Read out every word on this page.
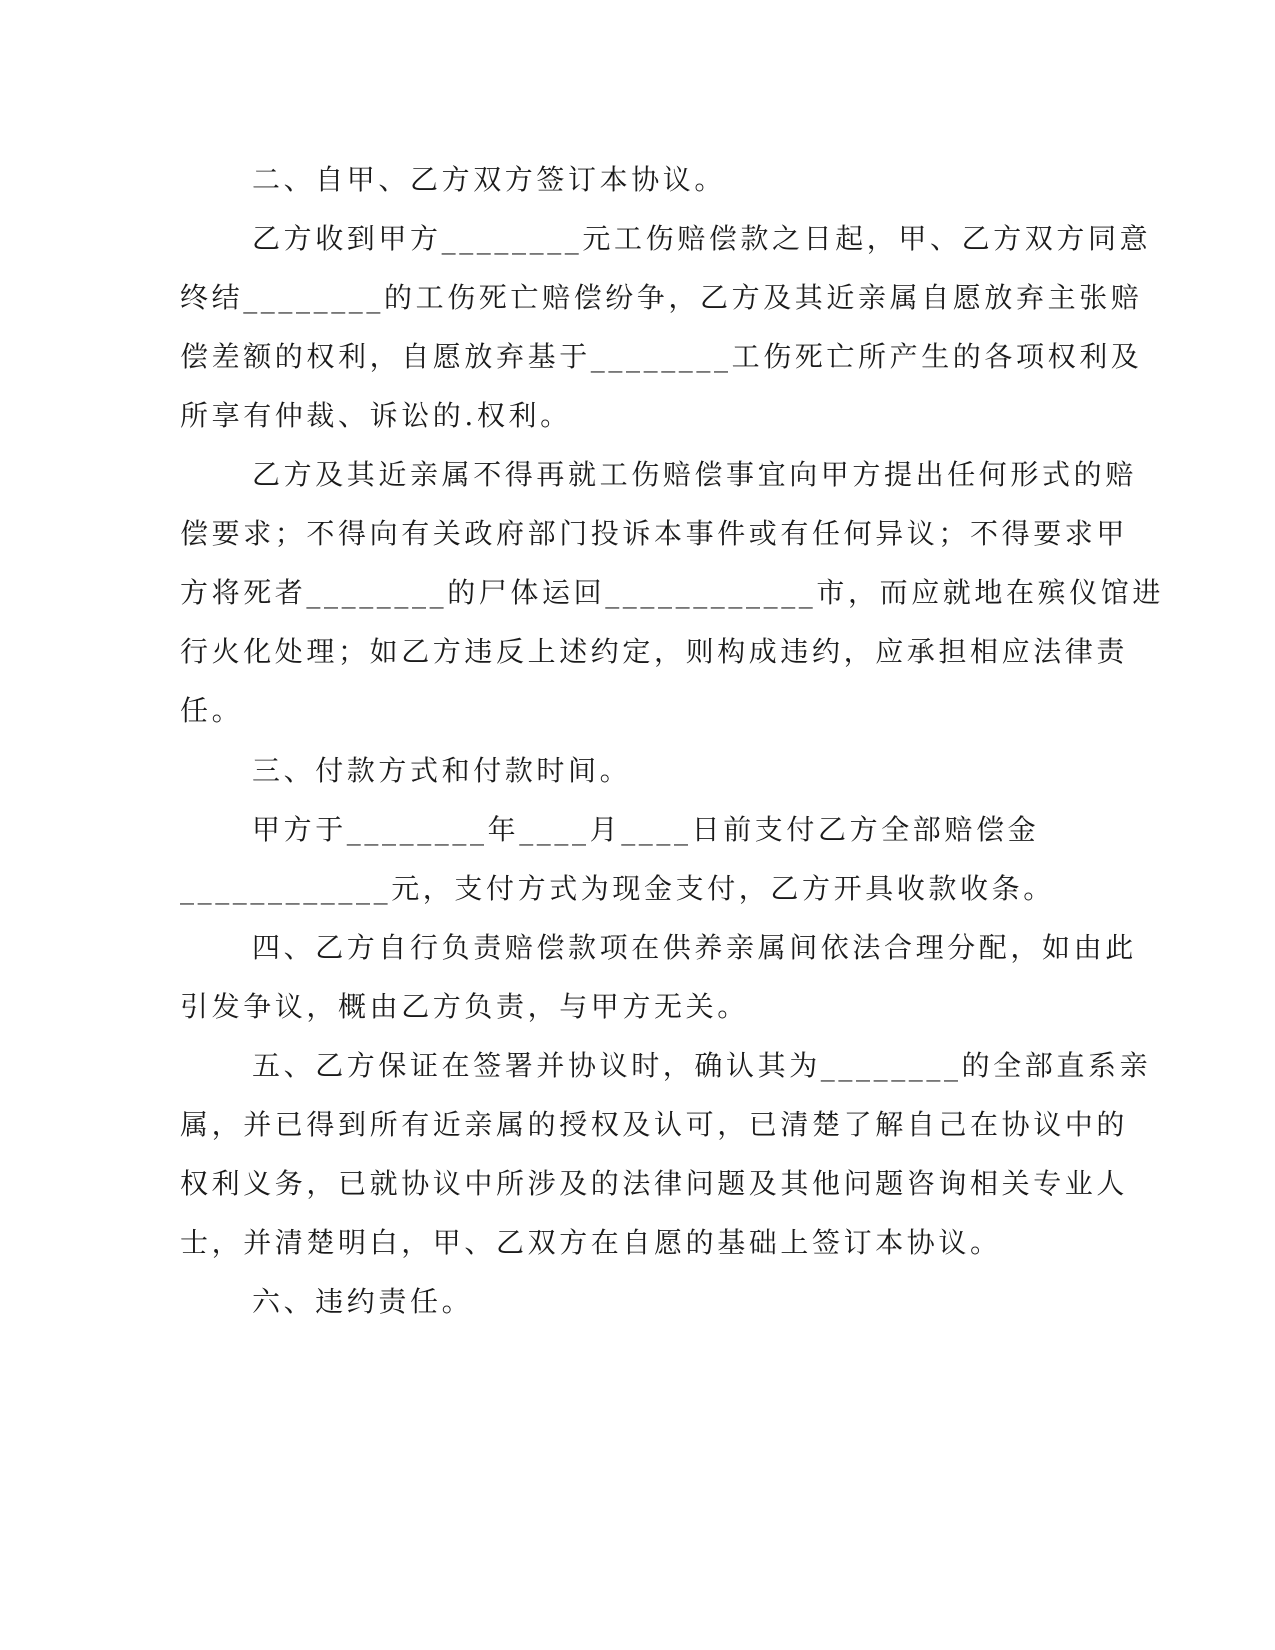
二、自甲、乙方双方签订本协议。
乙方收到甲方________元工伤赔偿款之日起，甲、乙方双方同意
终结________的工伤死亡赔偿纷争，乙方及其近亲属自愿放弃主张赔
偿差额的权利，自愿放弃基于________工伤死亡所产生的各项权利及
所享有仲裁、诉讼的.权利。
乙方及其近亲属不得再就工伤赔偿事宜向甲方提出任何形式的赔
偿要求；不得向有关政府部门投诉本事件或有任何异议；不得要求甲
方将死者________的尸体运回____________市，而应就地在殡仪馆进
行火化处理；如乙方违反上述约定，则构成违约，应承担相应法律责
任。
三、付款方式和付款时间。
甲方于________年____月____日前支付乙方全部赔偿金
____________元，支付方式为现金支付，乙方开具收款收条。
四、乙方自行负责赔偿款项在供养亲属间依法合理分配，如由此
引发争议，概由乙方负责，与甲方无关。
五、乙方保证在签署并协议时，确认其为________的全部直系亲
属，并已得到所有近亲属的授权及认可，已清楚了解自己在协议中的
权利义务，已就协议中所涉及的法律问题及其他问题咨询相关专业人
士，并清楚明白，甲、乙双方在自愿的基础上签订本协议。
六、违约责任。
